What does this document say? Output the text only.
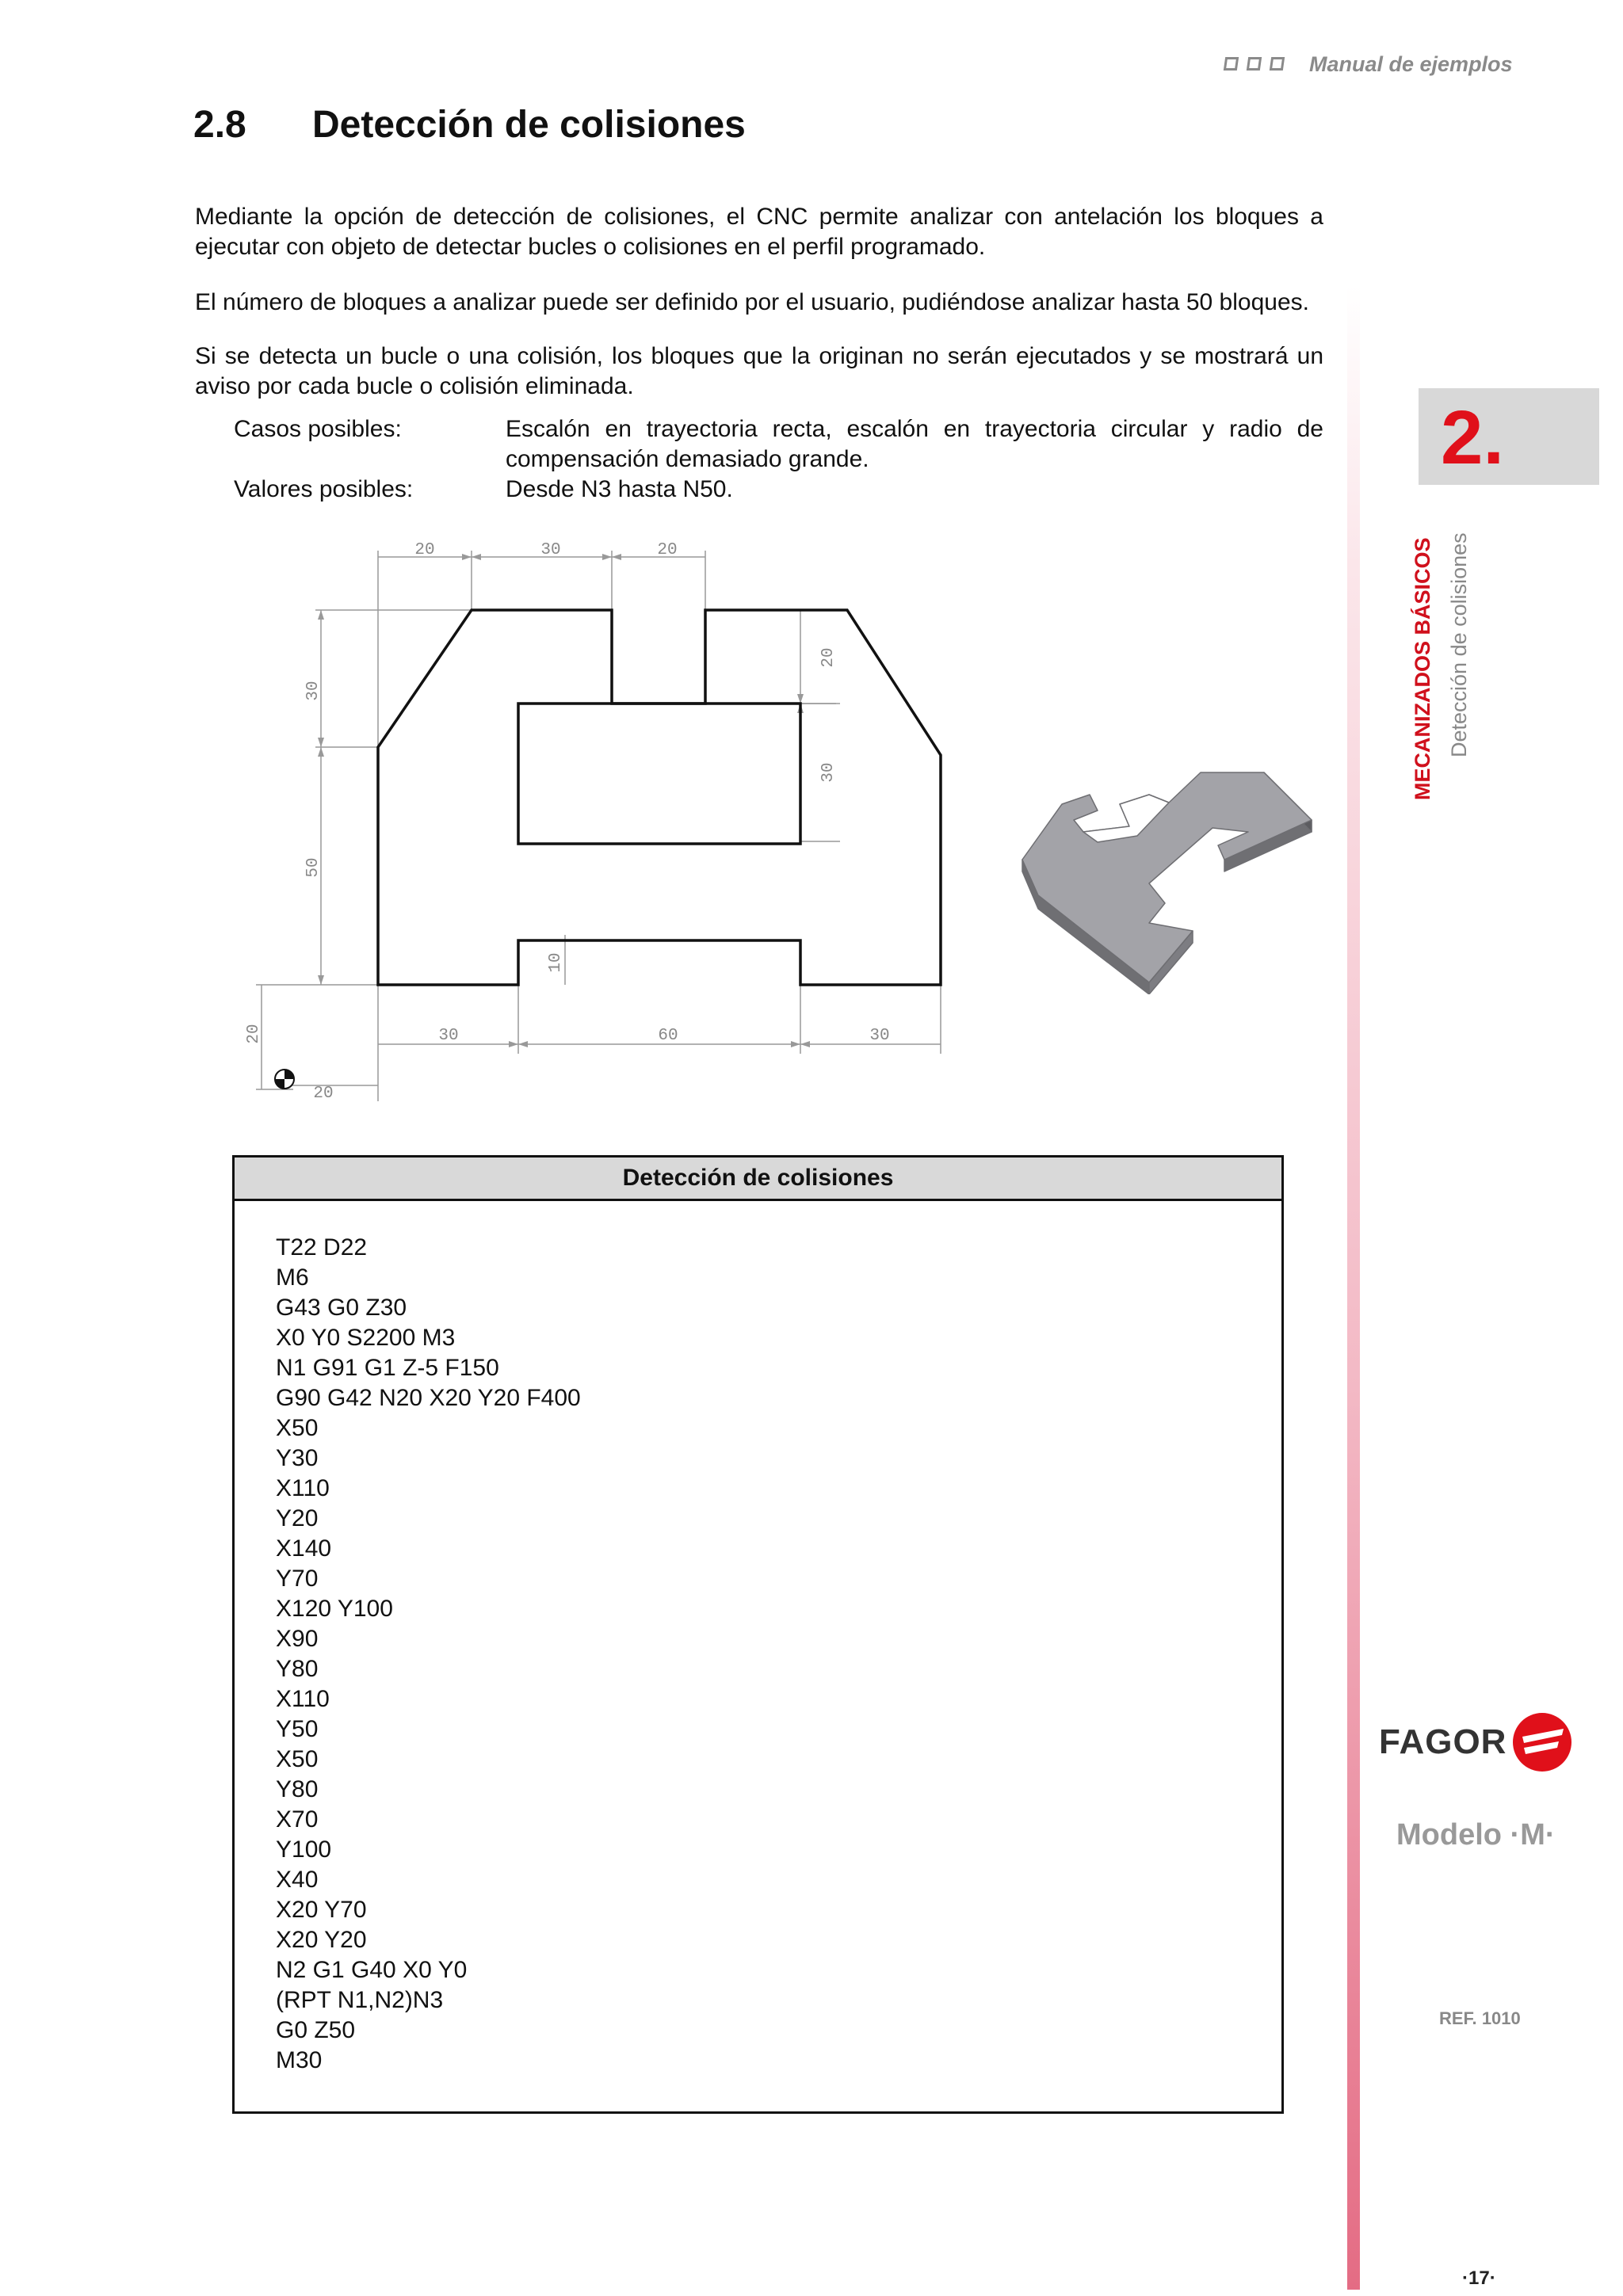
Manual de ejemplos
2.8 Detección de colisiones
Mediante la opción de detección de colisiones, el CNC permite analizar con antelación los bloques a ejecutar con objeto de detectar bucles o colisiones en el perfil programado.
El número de bloques a analizar puede ser definido por el usuario, pudiéndose analizar hasta 50 bloques.
Si se detecta un bucle o una colisión, los bloques que la originan no serán ejecutados y se mostrará un aviso por cada bucle o colisión eliminada.
Casos posibles:	Escalón en trayectoria recta, escalón en trayectoria circular y radio de compensación demasiado grande.
Valores posibles:	Desde N3 hasta N50.
20	30	20
30
50
20
20
30
10
30	60	30
20
Detección de colisiones
T22 D22
M6
G43 G0 Z30
X0 Y0 S2200 M3
N1 G91 G1 Z-5 F150
G90 G42 N20 X20 Y20 F400
X50
Y30
X110
Y20
X140
Y70
X120 Y100
X90
Y80
X110
Y50
X50
Y80
X70
Y100
X40
X20 Y70
X20 Y20
N2 G1 G40 X0 Y0
(RPT N1,N2)N3
G0 Z50
M30
2.
MECANIZADOS BÁSICOS Detección de colisiones
FAGOR
Modelo ·M·
REF. 1010
·17·
